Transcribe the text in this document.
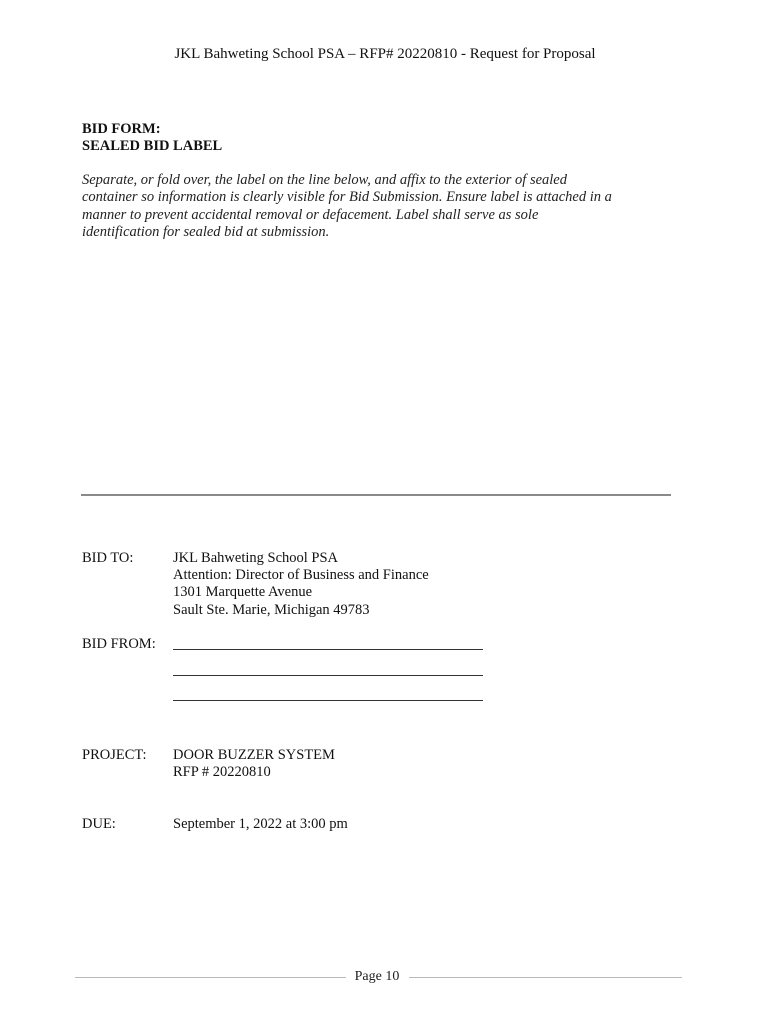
JKL Bahweting School PSA – RFP# 20220810 - Request for Proposal
BID FORM:
SEALED BID LABEL
Separate, or fold over, the label on the line below, and affix to the exterior of sealed container so information is clearly visible for Bid Submission. Ensure label is attached in a manner to prevent accidental removal or defacement. Label shall serve as sole identification for sealed bid at submission.
BID TO:	JKL Bahweting School PSA
Attention: Director of Business and Finance
1301 Marquette Avenue
Sault Ste. Marie, Michigan 49783
BID FROM:
PROJECT: DOOR BUZZER SYSTEM
RFP # 20220810
DUE:	September 1, 2022 at 3:00 pm
Page 10
